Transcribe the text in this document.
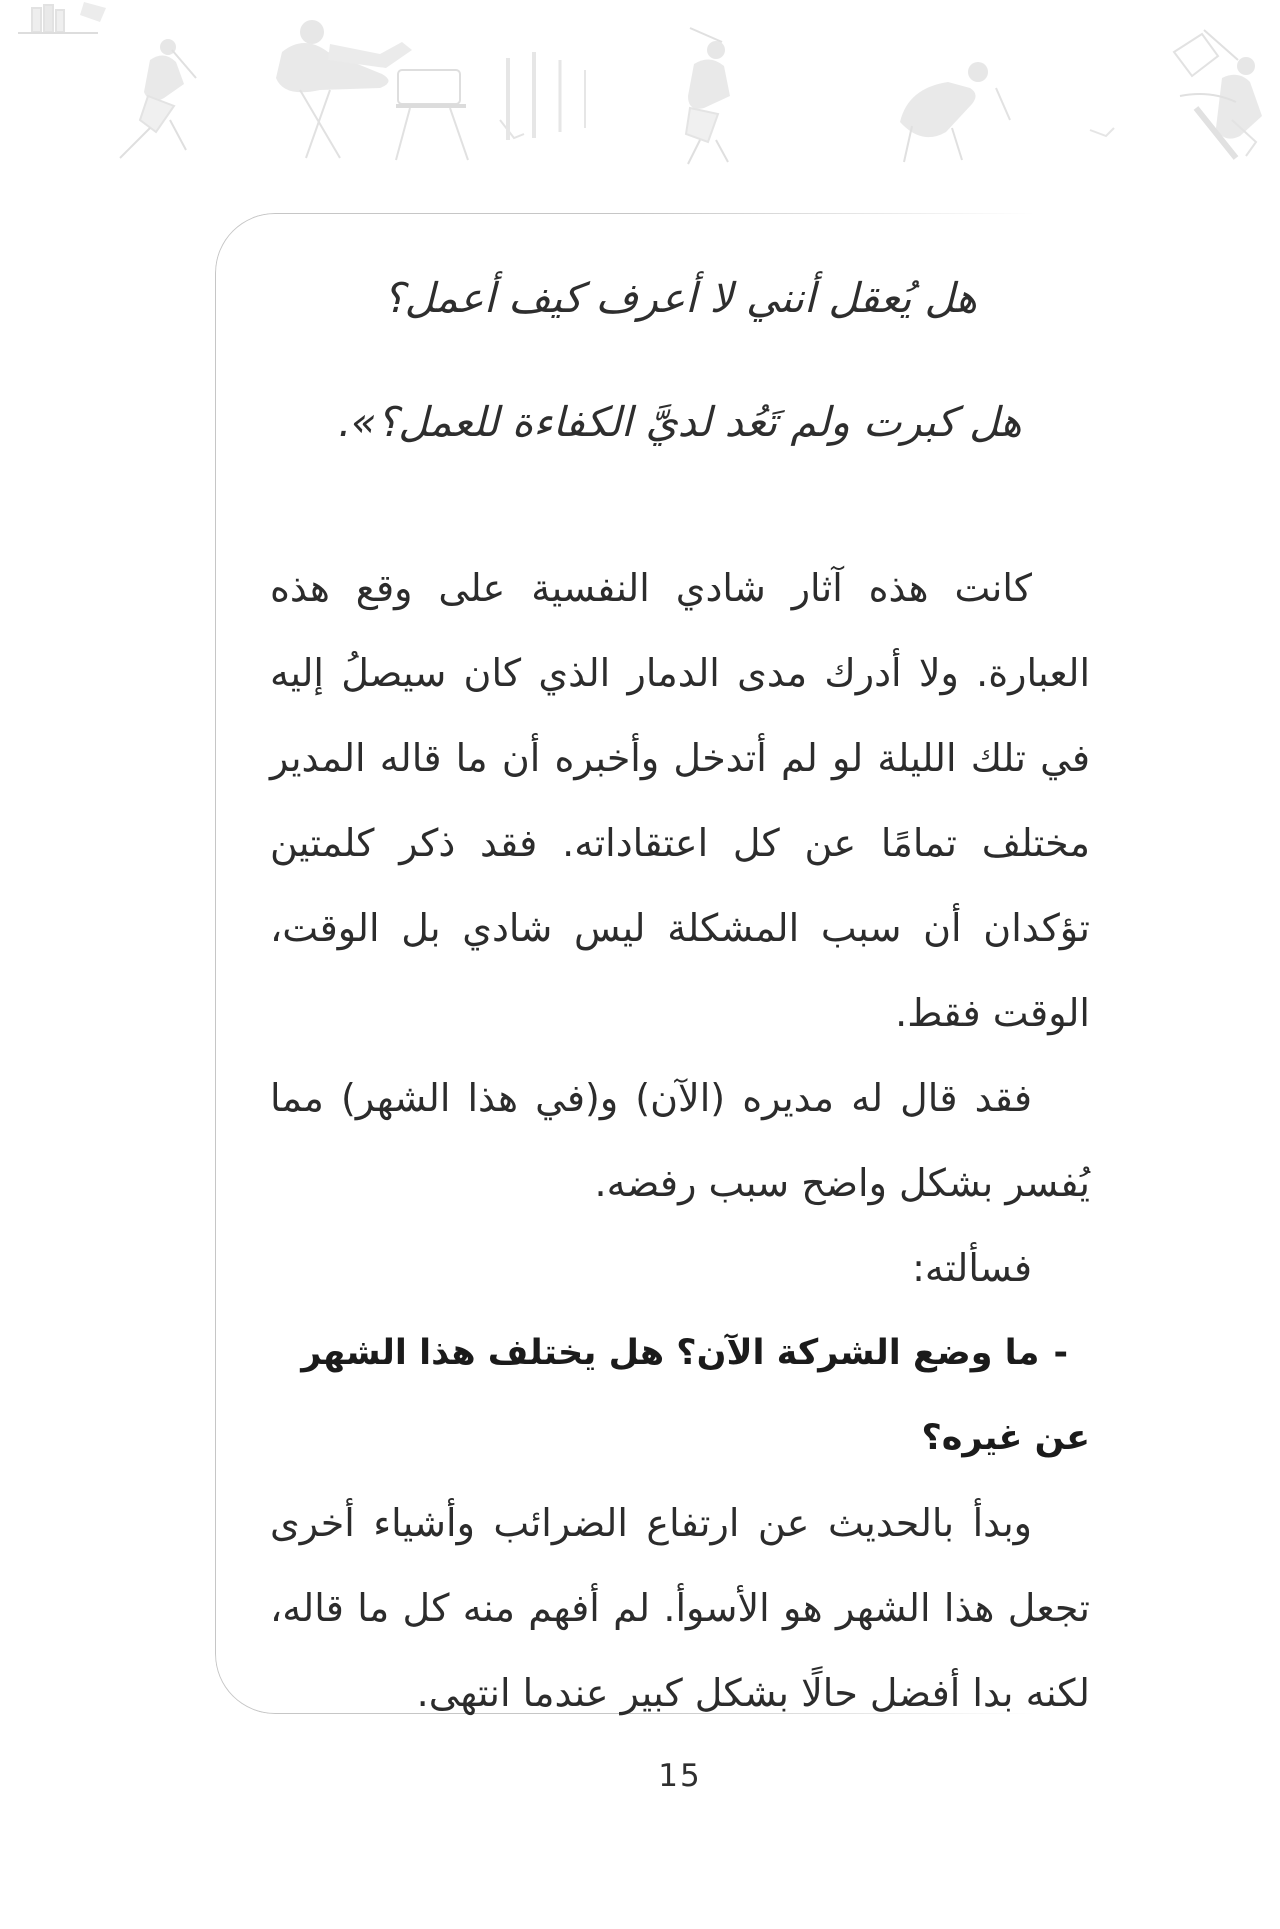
هل يُعقل أنني لا أعرف كيف أعمل؟
هل كبرت ولم تَعُد لديَّ الكفاءة للعمل؟».

كانت هذه آثار شادي النفسية على وقع هذه العبارة. ولا أدرك مدى الدمار الذي كان سيصلُ إليه في تلك الليلة لو لم أتدخل وأخبره أن ما قاله المدير مختلف تمامًا عن كل اعتقاداته. فقد ذكر كلمتين تؤكدان أن سبب المشكلة ليس شادي بل الوقت، الوقت فقط.

فقد قال له مديره (الآن) و(في هذا الشهر) مما يُفسر بشكل واضح سبب رفضه.

فسألته:

-ما وضع الشركة الآن؟ هل يختلف هذا الشهر عن غيره؟

وبدأ بالحديث عن ارتفاع الضرائب وأشياء أخرى تجعل هذا الشهر هو الأسوأ. لم أفهم منه كل ما قاله، لكنه بدا أفضل حالًا بشكل كبير عندما انتهى.

15
